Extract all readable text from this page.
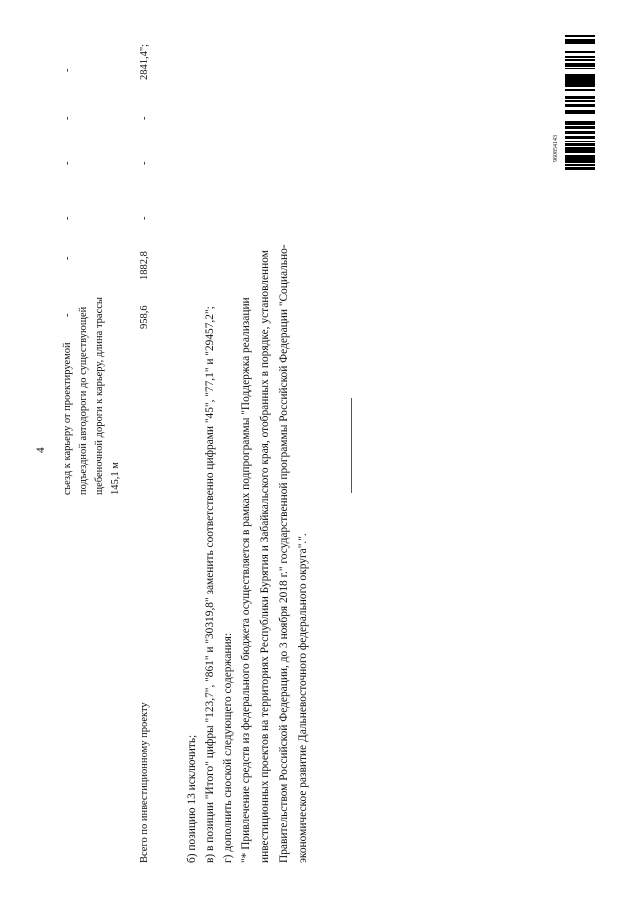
4 съезд к карьеру от проектируемой подъездной автодороги до существующей щебеночной дороги к карьеру, длина трассы 145,1 м
-
-
-
-
-
-
Всего по инвестиционному проекту
958,6
1882,8
-
-
-
2841,4";
б) позицию 13 исключить; в) в позиции "Итого" цифры "123,7", "861" и "30319,8" заменить соответственно цифрами "45", "77,1" и "29457,2"; г) дополнить сноской следующего содержания: "* Привлечение средств из федерального бюджета осуществляется в рамках подпрограммы "Поддержка реализации инвестиционных проектов на территориях Республики Бурятия и Забайкальского края, отобранных в порядке, установленном Правительством Российской Федерации, до 3 ноября 2018 г." государственной программы Российской Федерации "Социально- экономическое развитие Дальневосточного федерального округа".".
960854143
